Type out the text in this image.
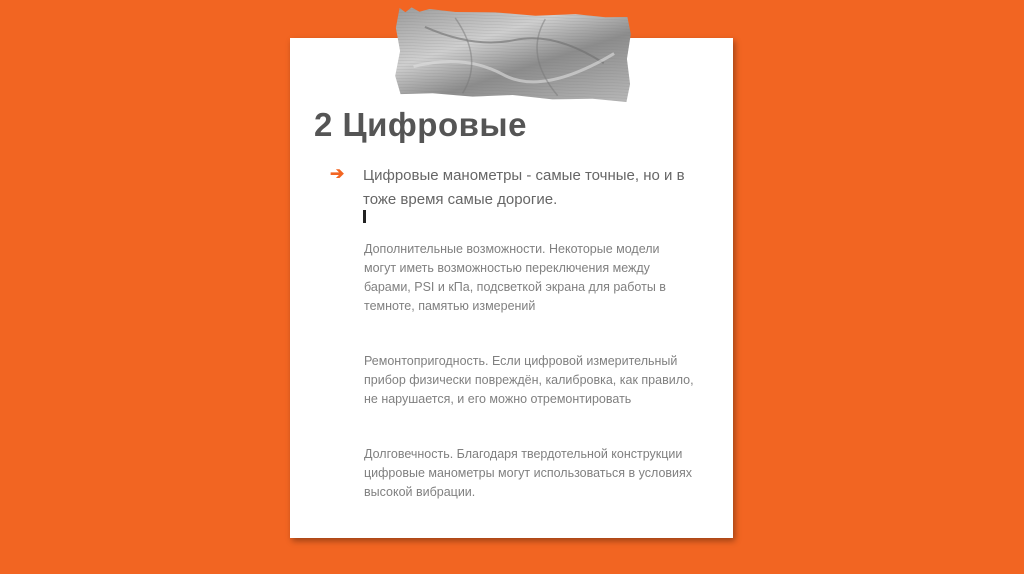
2 Цифровые
➔ Цифровые манометры - самые точные, но и в тоже время самые дорогие.
Дополнительные возможности. Некоторые модели могут иметь возможностью переключения между барами, PSI и кПа, подсветкой экрана для работы в темноте, памятью измерений
Ремонтопригодность. Если цифровой измерительный прибор физически повреждён, калибровка, как правило, не нарушается, и его можно отремонтировать
Долговечность. Благодаря твердотельной конструкции цифровые манометры могут использоваться в условиях высокой вибрации.
